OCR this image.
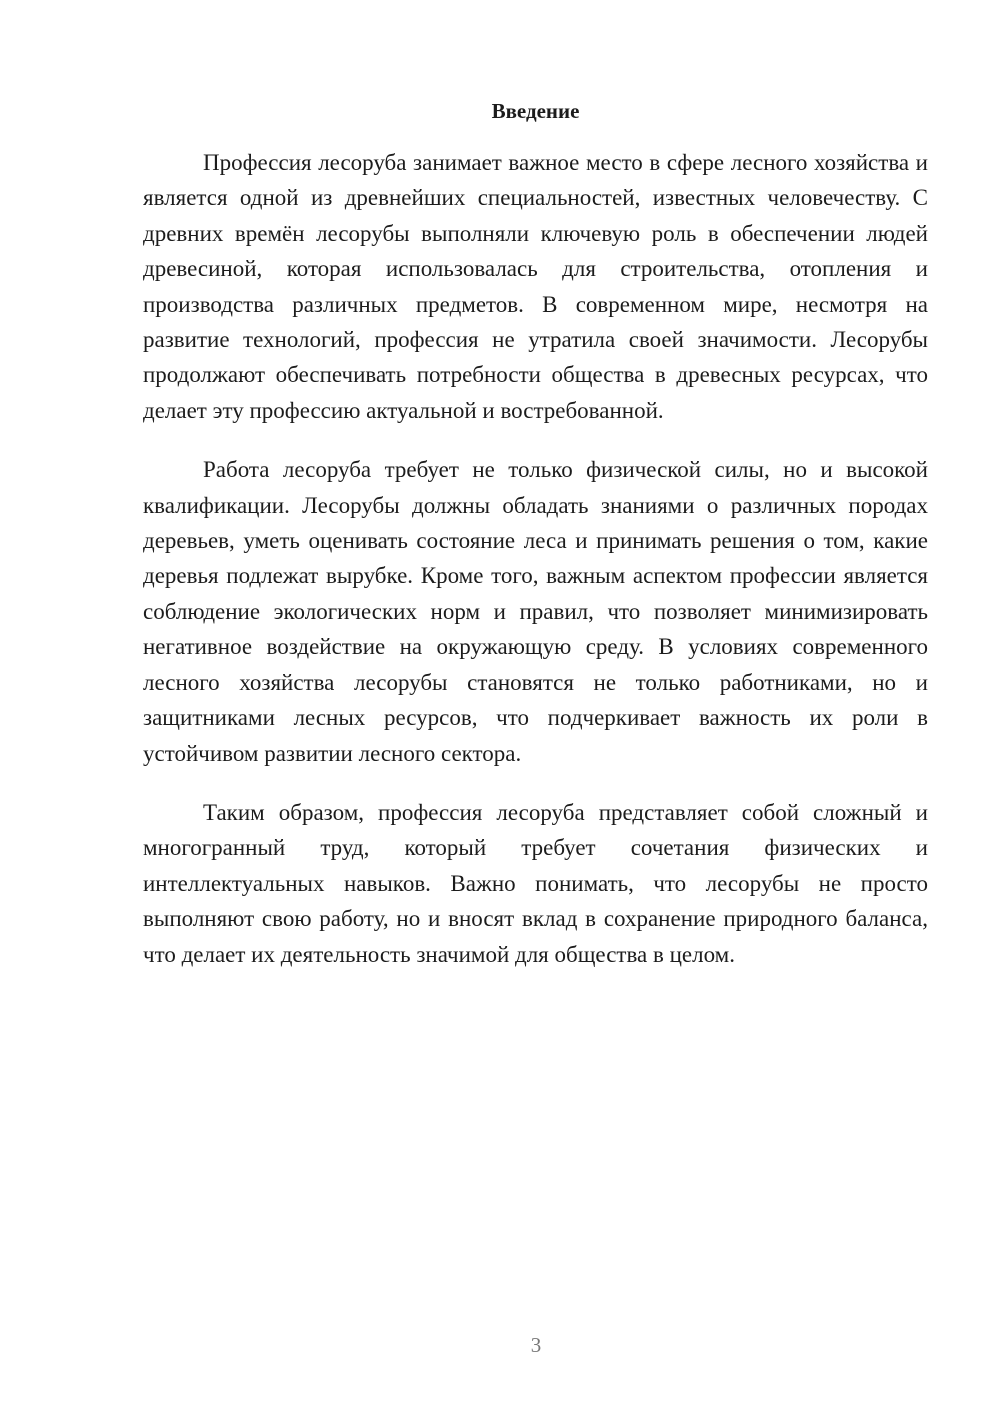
Введение

Профессия лесоруба занимает важное место в сфере лесного хозяйства и является одной из древнейших специальностей, известных человечеству. С древних времён лесорубы выполняли ключевую роль в обеспечении людей древесиной, которая использовалась для строительства, отопления и производства различных предметов. В современном мире, несмотря на развитие технологий, профессия не утратила своей значимости. Лесорубы продолжают обеспечивать потребности общества в древесных ресурсах, что делает эту профессию актуальной и востребованной.

Работа лесоруба требует не только физической силы, но и высокой квалификации. Лесорубы должны обладать знаниями о различных породах деревьев, уметь оценивать состояние леса и принимать решения о том, какие деревья подлежат вырубке. Кроме того, важным аспектом профессии является соблюдение экологических норм и правил, что позволяет минимизировать негативное воздействие на окружающую среду. В условиях современного лесного хозяйства лесорубы становятся не только работниками, но и защитниками лесных ресурсов, что подчеркивает важность их роли в устойчивом развитии лесного сектора.

Таким образом, профессия лесоруба представляет собой сложный и многогранный труд, который требует сочетания физических и интеллектуальных навыков. Важно понимать, что лесорубы не просто выполняют свою работу, но и вносят вклад в сохранение природного баланса, что делает их деятельность значимой для общества в целом.

3
